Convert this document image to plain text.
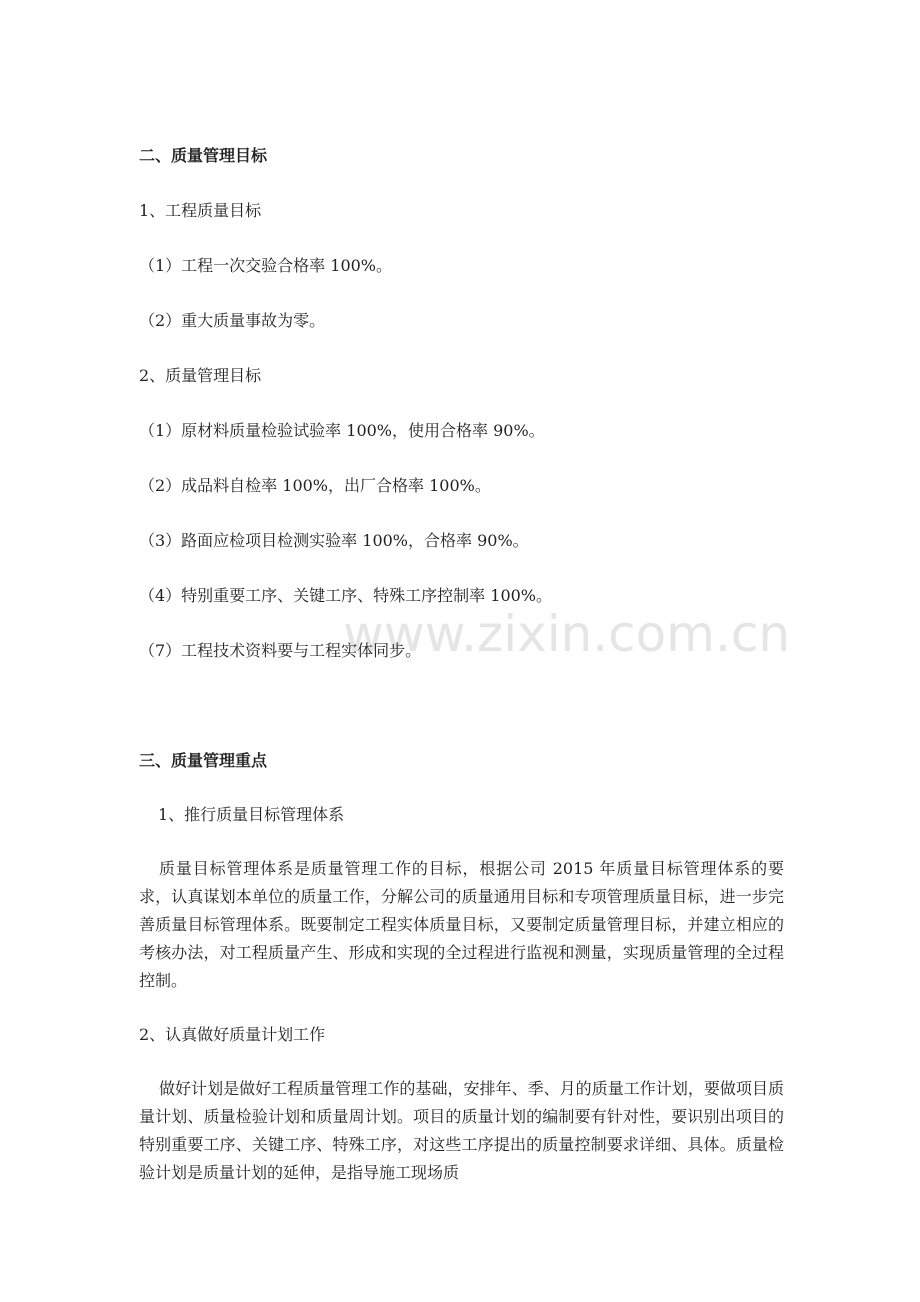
www.zixin.com.cn
二、质量管理目标
1、工程质量目标
（1）工程一次交验合格率 100%。
（2）重大质量事故为零。
2、质量管理目标
（1）原材料质量检验试验率 100%，使用合格率 90%。
（2）成品料自检率 100%，出厂合格率 100%。
（3）路面应检项目检测实验率 100%，合格率 90%。
（4）特别重要工序、关键工序、特殊工序控制率 100%。
（7）工程技术资料要与工程实体同步。
三、质量管理重点
1、推行质量目标管理体系
质量目标管理体系是质量管理工作的目标，根据公司 2015 年质量目标管理体系的要求，认真谋划本单位的质量工作，分解公司的质量通用目标和专项管理质量目标，进一步完善质量目标管理体系。既要制定工程实体质量目标，又要制定质量管理目标，并建立相应的考核办法，对工程质量产生、形成和实现的全过程进行监视和测量，实现质量管理的全过程控制。
2、认真做好质量计划工作
做好计划是做好工程质量管理工作的基础，安排年、季、月的质量工作计划，要做项目质量计划、质量检验计划和质量周计划。项目的质量计划的编制要有针对性，要识别出项目的特别重要工序、关键工序、特殊工序，对这些工序提出的质量控制要求详细、具体。质量检验计划是质量计划的延伸，是指导施工现场质
